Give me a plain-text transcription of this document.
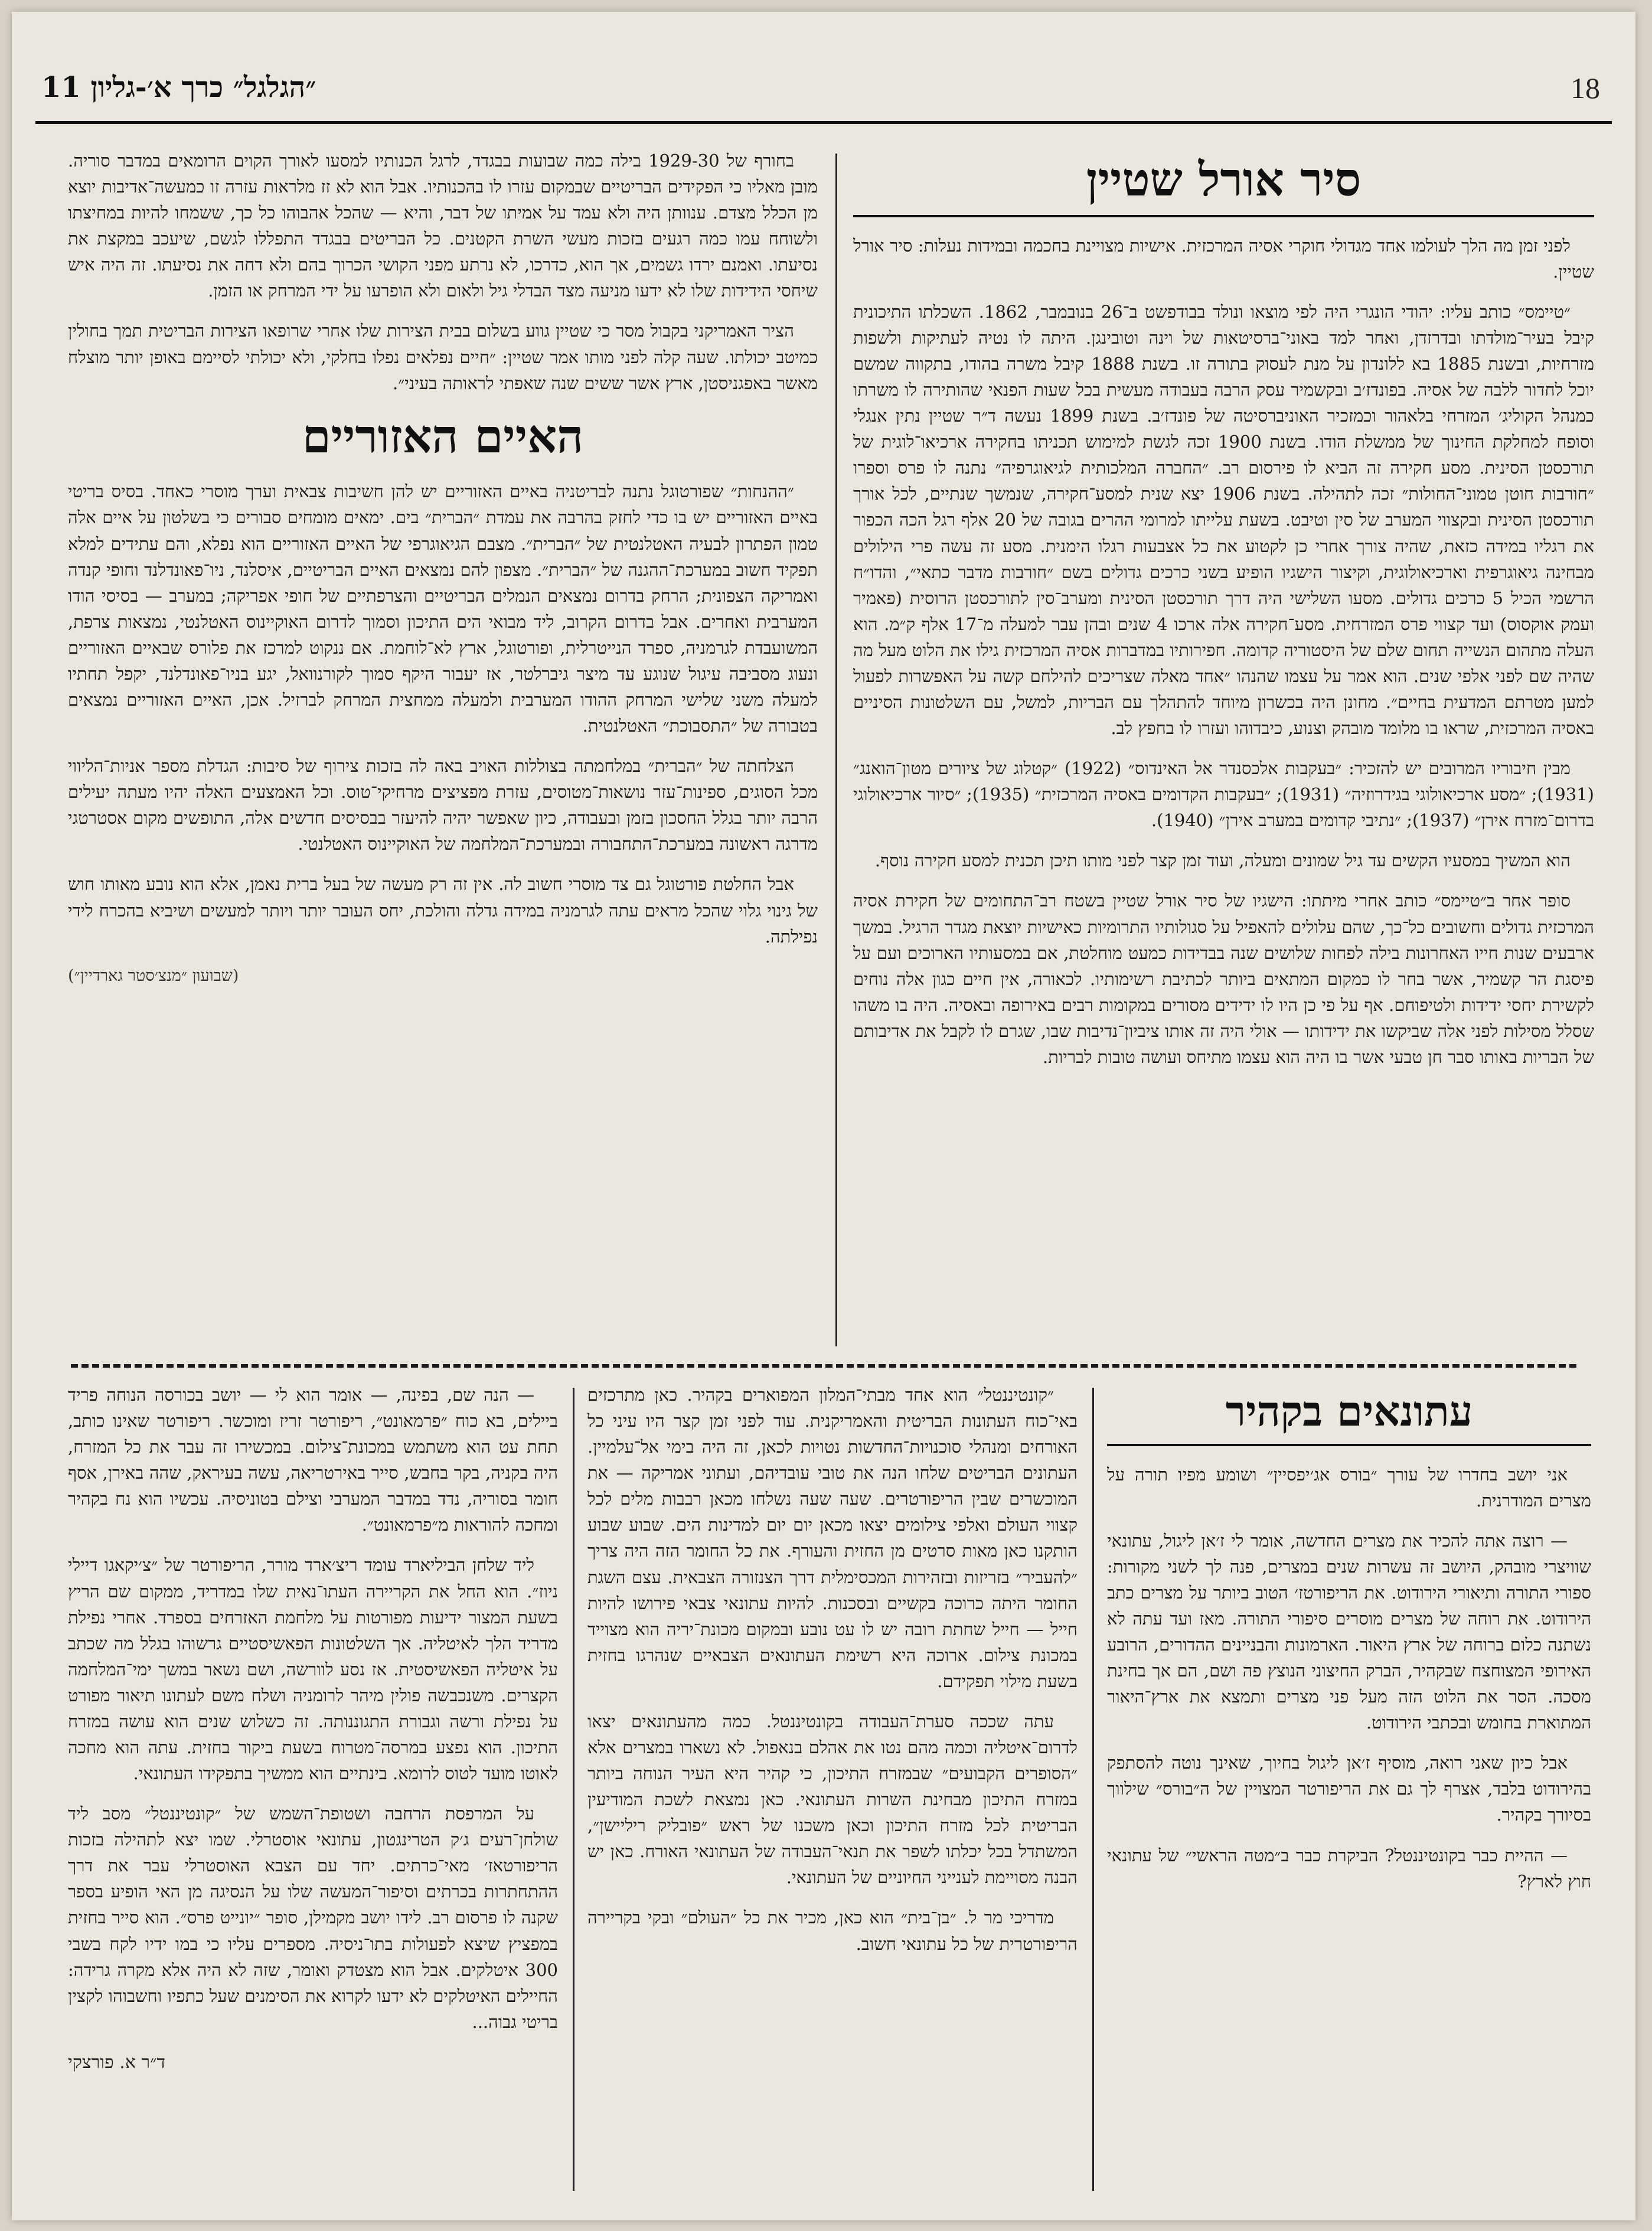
18
״הגלגל״ כרך א׳-גליון 11
סיר אורל שטיין

לפני זמן מה הלך לעולמו אחד מגדולי חוקרי אסיה המרכזית. אישיות מצויינת בחכמה ובמידות נעלות: סיר אורל שטיין.

״טיימס״ כותב עליו: יהודי הונגרי היה לפי מוצאו ונולד בבודפשט ב־26 בנובמבר, 1862. השכלתו התיכונית קיבל בעיר־מולדתו ובדרזדן, ואחר למד באוני־ברסיטאות של וינה וטובינגן. היתה לו נטיה לעתיקות ולשפות מזרחיות, ובשנת 1885 בא ללונדון על מנת לעסוק בתורה זו. בשנת 1888 קיבל משרה בהודו, בתקווה שמשם יוכל לחדור ללבה של אסיה. בפונדז׳ב ובקשמיר עסק הרבה בעבודה מעשית בכל שעות הפנאי שהותירה לו משרתו כמנהל הקוליג׳ המזרחי בלאהור וכמזכיר האוניברסיטה של פונדז׳ב. בשנת 1899 נעשה ד״ר שטיין נתין אנגלי וסופח למחלקת החינוך של ממשלת הודו. בשנת 1900 זכה לגשת למימוש תכניתו בחקירה ארכיאו־לוגית של תורכסטן הסינית. מסע חקירה זה הביא לו פירסום רב. ״החברה המלכותית לגיאוגרפיה״ נתנה לו פרס וספרו ״חורבות חוטן טמוני־החולות״ זכה לתהילה. בשנת 1906 יצא שנית למסע־חקירה, שנמשך שנתיים, לכל אורך תורכסטן הסינית ובקצווי המערב של סין וטיבט. בשעת עלייתו למרומי ההרים בגובה של 20 אלף רגל הכה הכפור את רגליו במידה כזאת, שהיה צורך אחרי כן לקטוע את כל אצבעות רגלו הימנית. מסע זה עשה פרי הילולים מבחינה גיאוגרפית וארכיאולוגית, וקיצור הישגיו הופיע בשני כרכים גדולים בשם ״חורבות מדבר כתאי״, והדו״ח הרשמי הכיל 5 כרכים גדולים. מסעו השלישי היה דרך תורכסטן הסינית ומערב־סין לתורכסטן הרוסית (פאמיר ועמק אוקסוס) ועד קצווי פרס המזרחית. מסע־חקירה אלה ארכו 4 שנים ובהן עבר למעלה מ־17 אלף ק״מ. הוא העלה מתהום הנשייה תחום שלם של היסטוריה קדומה. חפירותיו במדברות אסיה המרכזית גילו את הלוט מעל מה שהיה שם לפני אלפי שנים. הוא אמר על עצמו שהנהו ״אחד מאלה שצריכים להילחם קשה על האפשרות לפעול למען מטרתם המדעית בחיים״. מחונן היה בכשרון מיוחד להתהלך עם הבריות, למשל, עם השלטונות הסיניים באסיה המרכזית, שראו בו מלומד מובהק וצנוע, כיבדוהו ועזרו לו בחפץ לב.

מבין חיבוריו המרובים יש להזכיר: ״בעקבות אלכסנדר אל האינדוס״ (1922) ״קטלוג של ציורים מטון־הואנג״ (1931); ״מסע ארכיאולוגי בגידרוזיה״ (1931); ״בעקבות הקדומים באסיה המרכזית״ (1935); ״סיור ארכיאולוגי בדרום־מזרח אירן״ (1937); ״נתיבי קדומים במערב אירן״ (1940).

הוא המשיך במסעיו הקשים עד גיל שמונים ומעלה, ועוד זמן קצר לפני מותו תיכן תכנית למסע חקירה נוסף.

סופר אחר ב״טיימס״ כותב אחרי מיתתו: הישגיו של סיר אורל שטיין בשטח רב־התחומים של חקירת אסיה המרכזית גדולים וחשובים כל־כך, שהם עלולים להאפיל על סגולותיו התרומיות כאישיות יוצאת מגדר הרגיל. במשך ארבעים שנות חייו האחרונות בילה לפחות שלושים שנה בבדידות כמעט מוחלטת, אם במסעותיו הארוכים ועם על פיסגת הר קשמיר, אשר בחר לו כמקום המתאים ביותר לכתיבת רשימותיו. לכאורה, אין חיים כגון אלה נוחים לקשירת יחסי ידידות ולטיפוחם. אף על פי כן היו לו ידידים מסורים במקומות רבים באירופה ובאסיה. היה בו משהו שסלל מסילות לפני אלה שביקשו את ידידותו — אולי היה זה אותו ציביון־נדיבות שבו, שגרם לו לקבל את אדיבותם של הבריות באותו סבר חן טבעי אשר בו היה הוא עצמו מתיחס ועושה טובות לבריות.

בחורף של 1929-30 בילה כמה שבועות בבגדד, לרגל הכנותיו למסעו לאורך הקוים הרומאים במדבר סוריה. מובן מאליו כי הפקידים הבריטיים שבמקום עזרו לו בהכנותיו. אבל הוא לא זז מלראות עזרה זו כמעשה־אדיבות יוצא מן הכלל מצדם. ענוותן היה ולא עמד על אמיתו של דבר, והיא — שהכל אהבוהו כל כך, ששמחו להיות במחיצתו ולשוחח עמו כמה רגעים בזכות מעשי השרת הקטנים. כל הבריטים בבגדד התפללו לגשם, שיעכב במקצת את נסיעתו. ואמנם ירדו גשמים, אך הוא, כדרכו, לא נרתע מפני הקושי הכרוך בהם ולא דחה את נסיעתו. זה היה איש שיחסי הידידות שלו לא ידעו מניעה מצד הבדלי גיל ולאום ולא הופרעו על ידי המרחק או הזמן.

הציר האמריקני בקבול מסר כי שטיין גווע בשלום בבית הצירות שלו אחרי שרופאו הצירות הבריטית תמך בחולין כמיטב יכולתו. שעה קלה לפני מותו אמר שטיין: ״חיים נפלאים נפלו בחלקי, ולא יכולתי לסיימם באופן יותר מוצלח מאשר באפגניסטן, ארץ אשר ששים שנה שאפתי לראותה בעיני״.

האיים האזוריים

״ההנחות״ שפורטוגל נתנה לבריטניה באיים האזוריים יש להן חשיבות צבאית וערך מוסרי כאחד. בסיס בריטי באיים האזוריים יש בו כדי לחזק בהרבה את עמדת ״הברית״ בים. ימאים מומחים סבורים כי בשלטון על איים אלה טמון הפתרון לבעיה האטלנטית של ״הברית״. מצבם הגיאוגרפי של האיים האזוריים הוא נפלא, והם עתידים למלא תפקיד חשוב במערכת־ההגנה של ״הברית״. מצפון להם נמצאים האיים הבריטיים, איסלנד, ניו־פאונדלנד וחופי קנדה ואמריקה הצפונית; הרחק בדרום נמצאים הנמלים הבריטיים והצרפתיים של חופי אפריקה; במערב — בסיסי הודו המערבית ואחרים. אבל בדרום הקרוב, ליד מבואי הים התיכון וסמוך לדרום האוקיינוס האטלנטי, נמצאות צרפת, המשועבדת לגרמניה, ספרד הנייטרלית, ופורטוגל, ארץ לא־לוחמת. אם ננקוט למרכז את פלורס שבאיים האזוריים ונעוג מסביבה עיגול שנוגע עד מיצר גיברלטר, אז יעבור היקף סמוך לקורנוואל, יגע בניו־פאונדלנד, יקפל תחתיו למעלה משני שלישי המרחק ההודו המערבית ולמעלה ממחצית המרחק לברזיל. אכן, האיים האזוריים נמצאים בטבורה של ״התסבוכת״ האטלנטית.

הצלחתה של ״הברית״ במלחמתה בצוללות האויב באה לה בזכות צירוף של סיבות: הגדלת מספר אניות־הליווי מכל הסוגים, ספינות־עזר נושאות־מטוסים, עזרת מפציצים מרחיקי־טוס. וכל האמצעים האלה יהיו מעתה יעילים הרבה יותר בגלל החסכון בזמן ובעבודה, כיון שאפשר יהיה להיעזר בבסיסים חדשים אלה, התופשים מקום אסטרטגי מדרגה ראשונה במערכת־התחבורה ובמערכת־המלחמה של האוקיינוס האטלנטי.

אבל החלטת פורטוגל גם צד מוסרי חשוב לה. אין זה רק מעשה של בעל ברית נאמן, אלא הוא נובע מאותו חוש של גינוי גלוי שהכל מראים עתה לגרמניה במידה גדלה והולכת, יחס העובר יותר ויותר למעשים ושיביא בהכרח לידי נפילתה.

(שבועון ״מנצ׳סטר גארדיין״)
עתונאים בקהיר

אני יושב בחדרו של עורך ״בורס אג׳יפסיין״ ושומע מפיו תורה על מצרים המודרנית.

— רוצה אתה להכיר את מצרים החדשה, אומר לי ז׳אן ליגול, עתונאי שוויצרי מובהק, היושב זה עשרות שנים במצרים, פנה לך לשני מקורות: ספורי התורה ותיאורי הירודוט. את הריפורטז׳ הטוב ביותר על מצרים כתב הירודוט. את רוחה של מצרים מוסרים סיפורי התורה. מאז ועד עתה לא נשתנה כלום ברוחה של ארץ היאור. הארמונות והבניינים ההדורים, הרובע האירופי המצוחצח שבקהיר, הברק החיצוני הנוצץ פה ושם, הם אך בחינת מסכה. הסר את הלוט הזה מעל פני מצרים ותמצא את ארץ־היאור המתוארת בחומש ובכתבי הירודוט.

אבל כיון שאני רואה, מוסיף ז׳אן ליגול בחיוך, שאינך נוטה להסתפק בהירודוט בלבד, אצרף לך גם את הריפורטר המצויין של ה״בורס״ שילווך בסיורך בקהיר.

— ההיית כבר בקונטיננטל? הביקרת כבר ב״מטה הראשי״ של עתונאי חוץ לארץ?

״קונטיננטל״ הוא אחד מבתי־המלון המפוארים בקהיר. כאן מתרכזים באי־כוח העתונות הבריטית והאמריקנית. עוד לפני זמן קצר היו עיני כל האורחים ומנהלי סוכנויות־החדשות נטויות לכאן, זה היה בימי אל־עלמיין. העתונים הבריטים שלחו הנה את טובי עובדיהם, ועתוני אמריקה — את המוכשרים שבין הריפורטרים. שעה שעה נשלחו מכאן רבבות מלים לכל קצווי העולם ואלפי צילומים יצאו מכאן יום יום למדינות הים. שבוע שבוע הותקנו כאן מאות סרטים מן החזית והעורף. את כל החומר הזה היה צריך ״להעביר״ בזריזות ובזהירות המכסימלית דרך הצנזורה הצבאית. עצם השגת החומר היתה כרוכה בקשיים ובסכנות. להיות עתונאי צבאי פירושו להיות חייל — חייל שחתת רובה יש לו עט נובע ובמקום מכונת־יריה הוא מצוייד במכונת צילום. ארוכה היא רשימת העתונאים הצבאיים שנהרגו בחזית בשעת מילוי תפקידם.

עתה שככה סערת־העבודה בקונטיננטל. כמה מהעתונאים יצאו לדרום־איטליה וכמה מהם נטו את אהלם בנאפול. לא נשארו במצרים אלא ״הסופרים הקבועים״ שבמזרח התיכון, כי קהיר היא העיר הנוחה ביותר במזרח התיכון מבחינת השרות העתונאי. כאן נמצאת לשכת המודיעין הבריטית לכל מזרח התיכון וכאן משכנו של ראש ״פובליק ריליישן״, המשתדל בכל יכלתו לשפר את תנאי־העבודה של העתונאי האורח. כאן יש הבנה מסויימת לענייני החיוניים של העתונאי.

מדריכי מר ל. ״בן־בית״ הוא כאן, מכיר את כל ״העולם״ ובקי בקריירה הריפורטרית של כל עתונאי חשוב.

— הנה שם, בפינה, — אומר הוא לי — יושב בכורסה הנוחה פריד ביילים, בא כוח ״פרמאונט״, ריפורטר זריז ומוכשר. ריפורטר שאינו כותב, תחת עט הוא משתמש במכונת־צילום. במכשירו זה עבר את כל המזרח, היה בקניה, בקר בחבש, סייר באירטריאה, עשה בעיראק, שהה באירן, אסף חומר בסוריה, נדד במדבר המערבי וצילם בטוניסיה. עכשיו הוא נח בקהיר ומחכה להוראות מ״פרמאונט״.

ליד שלחן הביליארד עומד ריצ׳ארד מורר, הריפורטר של ״צ׳יקאגו דיילי ניוז״. הוא החל את הקריירה העתו־נאית שלו במדריד, ממקום שם הריץ בשעת המצור ידיעות מפורטות על מלחמת האזרחים בספרד. אחרי נפילת מדריד הלך לאיטליה. אך השלטונות הפאשיסטיים גרשוהו בגלל מה שכתב על איטליה הפאשיסטית. אז נסע לוורשה, ושם נשאר במשך ימי־המלחמה הקצרים. משנכבשה פולין מיהר לרומניה ושלח משם לעתונו תיאור מפורט על נפילת ורשה וגבורת התגוננותה. זה כשלוש שנים הוא עושה במזרח התיכון. הוא נפצע במרסה־מטרוח בשעת ביקור בחזית. עתה הוא מחכה לאוטו מועד לטוס לרומא. בינתיים הוא ממשיך בתפקידו העתונאי.

על המרפסת הרחבה ושטופת־השמש של ״קונטיננטל״ מסב ליד שולחן־רעים ג׳ק הטרינגטון, עתונאי אוסטרלי. שמו יצא לתהילה בזכות הריפורטאז׳ מאי־כרתים. יחד עם הצבא האוסטרלי עבר את דרך ההתחתרות בכרתים וסיפור־המעשה שלו על הנסיגה מן האי הופיע בספר שקנה לו פרסום רב. לידו יושב מקמילן, סופר ״יונייט פרס״. הוא סייר בחזית במפציץ שיצא לפעולות בתו־ניסיה. מספרים עליו כי במו ידיו לקח בשבי 300 איטלקים. אבל הוא מצטדק ואומר, שזה לא היה אלא מקרה גרידה: החיילים האיטלקים לא ידעו לקרוא את הסימנים שעל כתפיו וחשבוהו לקצין בריטי גבוה...

ד״ר א. פורצקי
